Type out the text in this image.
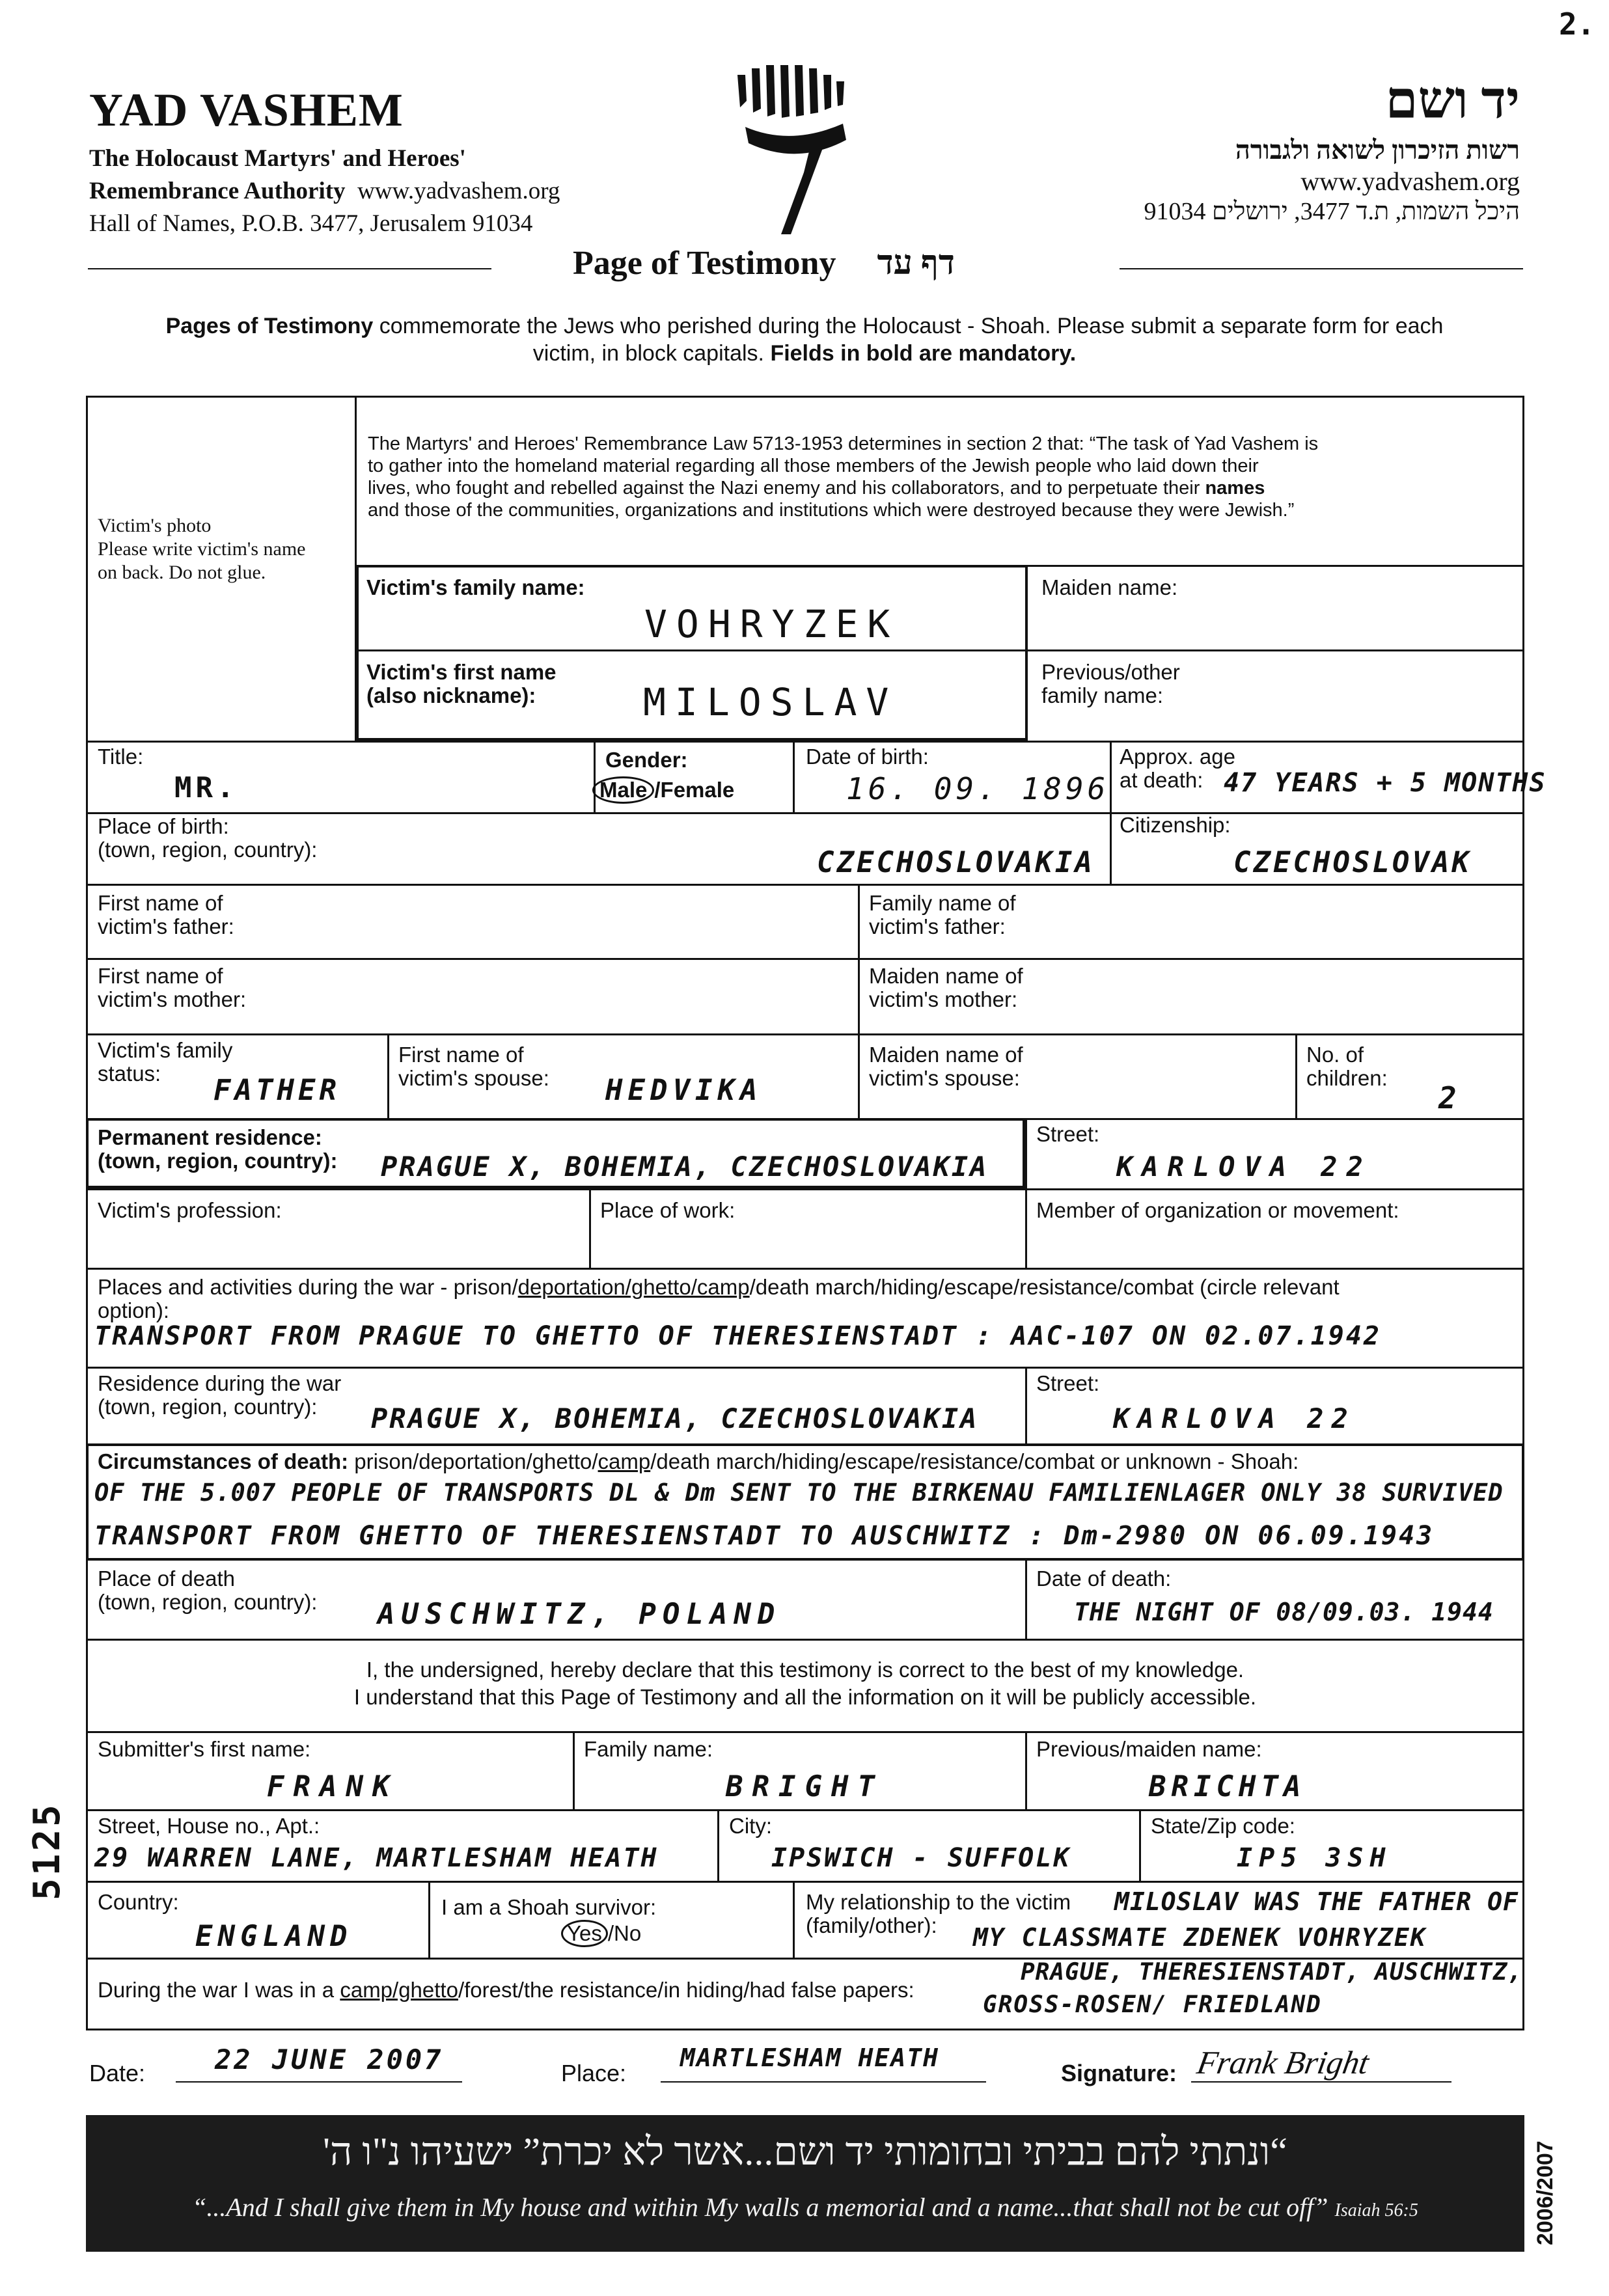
2.
YAD VASHEM
The Holocaust Martyrs' and Heroes'
Remembrance Authority www.yadvashem.org
Hall of Names, P.O.B. 3477, Jerusalem 91034
יד ושם
רשות הזיכרון לשואה ולגבורה
www.yadvashem.org
היכל השמות, ת.ד 3477, ירושלים 91034
Page of Testimony דף עד
Pages of Testimony commemorate the Jews who perished during the Holocaust - Shoah. Please submit a separate form for each
victim, in block capitals. Fields in bold are mandatory.
Victim's photo
Please write victim's name
on back. Do not glue.
The Martyrs' and Heroes' Remembrance Law 5713-1953 determines in section 2 that: “The task of Yad Vashem is
to gather into the homeland material regarding all those members of the Jewish people who laid down their
lives, who fought and rebelled against the Nazi enemy and his collaborators, and to perpetuate their names
and those of the communities, organizations and institutions which were destroyed because they were Jewish.”
Victim's family name:
VOHRYZEK
Maiden name:
Victim's first name
(also nickname):	MILOSLAV
Previous/other
family name:
Title:
MR.
Gender:
Male /Female
Date of birth:
16. 09. 1896
Approx. age
at death: 47 YEARS + 5 MONTHS
Place of birth:
(town, region, country):	CZECHOSLOVAKIA
Citizenship:
CZECHOSLOVAK
First name of
victim's father:
Family name of
victim's father:
First name of
victim's mother:
Maiden name of
victim's mother:
Victim's family
status:
FATHER
First name of
victim's spouse: HEDVIKA
Maiden name of
victim's spouse:
No. of
children:
2
Permanent residence:
(town, region, country): PRAGUE X, BOHEMIA, CZECHOSLOVAKIA
Street:
KARLOVA 22
Victim's profession:	Place of work:	Member of organization or movement:
Places and activities during the war - prison/deportation/ghetto/camp/death march/hiding/escape/resistance/combat (circle relevant
option):
TRANSPORT FROM PRAGUE TO GHETTO OF THERESIENSTADT : AAC-107 ON 02.07.1942
Residence during the war
(town, region, country):	PRAGUE X, BOHEMIA, CZECHOSLOVAKIA
Street:
KARLOVA 22
Circumstances of death: prison/deportation/ghetto/camp/death march/hiding/escape/resistance/combat or unknown - Shoah:
OF THE 5.007 PEOPLE OF TRANSPORTS DL & Dm SENT TO THE BIRKENAU FAMILIENLAGER ONLY 38 SURVIVED
TRANSPORT FROM GHETTO OF THERESIENSTADT TO AUSCHWITZ : Dm-2980 ON 06.09.1943
Place of death
(town, region, country): AUSCHWITZ, POLAND
Date of death:
THE NIGHT OF 08/09.03. 1944
I, the undersigned, hereby declare that this testimony is correct to the best of my knowledge.
I understand that this Page of Testimony and all the information on it will be publicly accessible.
Submitter's first name:
FRANK
Family name:
BRIGHT
Previous/maiden name:
BRICHTA
Street, House no., Apt.:
29 WARREN LANE, MARTLESHAM HEATH
City:
IPSWICH - SUFFOLK
State/Zip code:
IP5 3SH
Country:
ENGLAND
I am a Shoah survivor:
Yes /No
My relationship to the victim
(family/other):
MILOSLAV WAS THE FATHER OF
MY CLASSMATE ZDENEK VOHRYZEK
During the war I was in a camp/ghetto/forest/the resistance/in hiding/had false papers:
PRAGUE, THERESIENSTADT, AUSCHWITZ,
GROSS-ROSEN/ FRIEDLAND
5125
Date:	22 JUNE 2007	Place:
MARTLESHAM HEATH
Signature: Frank Bright
“ונתתי להם בביתי ובחומותי יד ושם...אשר לא יכרת” ישעיהו נ"ו ה'
“...And I shall give them in My house and within My walls a memorial and a name...that shall not be cut off” Isaiah 56:5	2006/2007
